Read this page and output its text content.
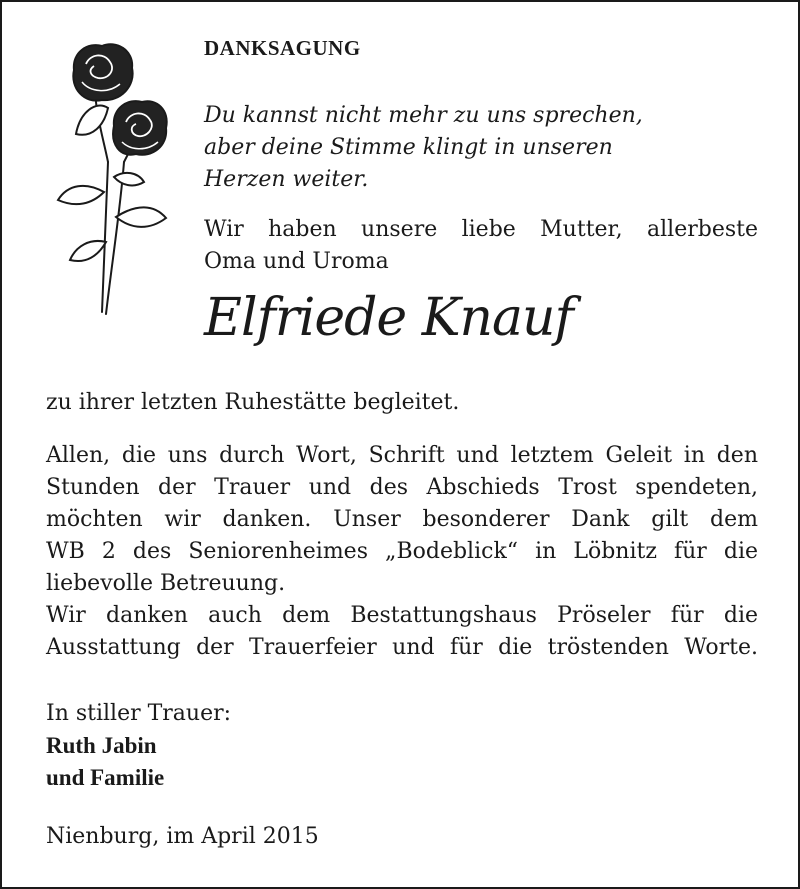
DANKSAGUNG
Du kannst nicht mehr zu uns sprechen,
aber deine Stimme klingt in unseren
Herzen weiter.
Wir haben unsere liebe Mutter, allerbeste
Oma und Uroma
Elfriede Knauf
zu ihrer letzten Ruhestätte begleitet.
Allen, die uns durch Wort, Schrift und letztem Geleit in den
Stunden der Trauer und des Abschieds Trost spendeten,
möchten wir danken. Unser besonderer Dank gilt dem
WB 2 des Seniorenheimes „Bodeblick“ in Löbnitz für die
liebevolle Betreuung.
Wir danken auch dem Bestattungshaus Pröseler für die
Ausstattung der Trauerfeier und für die tröstenden Worte.
In stiller Trauer:
Ruth Jabin
und Familie
Nienburg, im April 2015
